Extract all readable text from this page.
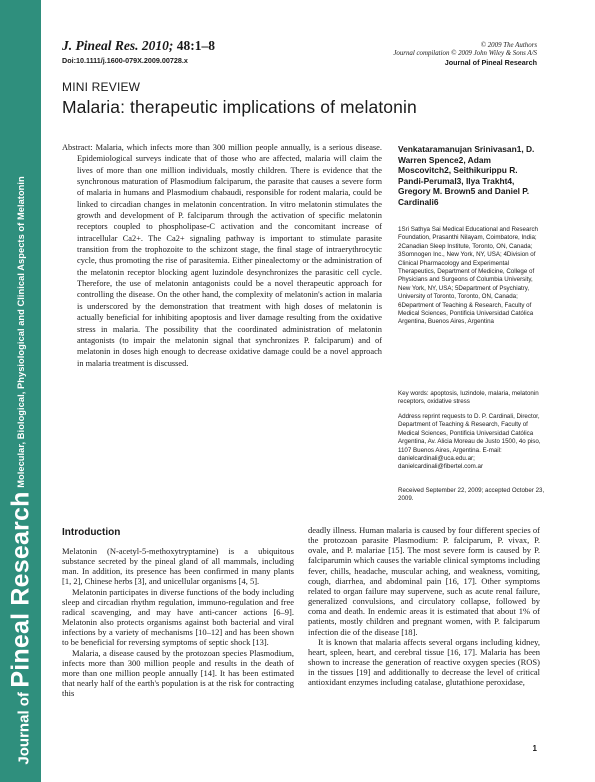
Molecular, Biological, Physiological and Clinical Aspects of Melatonin
Journal of Pineal Research
J. Pineal Res. 2010; 48:1–8
Doi:10.1111/j.1600-079X.2009.00728.x
© 2009 The Authors
Journal compilation © 2009 John Wiley & Sons A/S
Journal of Pineal Research
MINI REVIEW
Malaria: therapeutic implications of melatonin

Abstract: Malaria, which infects more than 300 million people annually, is a serious disease. Epidemiological surveys indicate that of those who are affected, malaria will claim the lives of more than one million individuals, mostly children. There is evidence that the synchronous maturation of Plasmodium falciparum, the parasite that causes a severe form of malaria in humans and Plasmodium chabaudi, responsible for rodent malaria, could be linked to circadian changes in melatonin concentration. In vitro melatonin stimulates the growth and development of P. falciparum through the activation of specific melatonin receptors coupled to phospholipase-C activation and the concomitant increase of intracellular Ca2+. The Ca2+ signaling pathway is important to stimulate parasite transition from the trophozoite to the schizont stage, the final stage of intraerythrocytic cycle, thus promoting the rise of parasitemia. Either pinealectomy or the administration of the melatonin receptor blocking agent luzindole desynchronizes the parasitic cell cycle. Therefore, the use of melatonin antagonists could be a novel therapeutic approach for controlling the disease. On the other hand, the complexity of melatonin's action in malaria is underscored by the demonstration that treatment with high doses of melatonin is actually beneficial for inhibiting apoptosis and liver damage resulting from the oxidative stress in malaria. The possibility that the coordinated administration of melatonin antagonists (to impair the melatonin signal that synchronizes P. falciparum) and of melatonin in doses high enough to decrease oxidative damage could be a novel approach in malaria treatment is discussed.

Venkataramanujan Srinivasan1, D. Warren Spence2, Adam Moscovitch2, Seithikurippu R. Pandi-Perumal3, Ilya Trakht4, Gregory M. Brown5 and Daniel P. Cardinali6

1Sri Sathya Sai Medical Educational and Research Foundation, Prasanthi Nilayam, Coimbatore, India; 2Canadian Sleep Institute, Toronto, ON, Canada; 3Somnogen Inc., New York, NY, USA; 4Division of Clinical Pharmacology and Experimental Therapeutics, Department of Medicine, College of Physicians and Surgeons of Columbia University, New York, NY, USA; 5Department of Psychiatry, University of Toronto, Toronto, ON, Canada; 6Department of Teaching & Research, Faculty of Medical Sciences, Pontificia Universidad Católica Argentina, Buenos Aires, Argentina

Key words: apoptosis, luzindole, malaria, melatonin receptors, oxidative stress

Address reprint requests to D. P. Cardinali, Director, Department of Teaching & Research, Faculty of Medical Sciences, Pontificia Universidad Católica Argentina, Av. Alicia Moreau de Justo 1500, 4o piso, 1107 Buenos Aires, Argentina. E-mail: danielcardinali@uca.edu.ar; danielcardinali@fibertel.com.ar

Received September 22, 2009; accepted October 23, 2009.

Introduction

Melatonin (N-acetyl-5-methoxytryptamine) is a ubiquitous substance secreted by the pineal gland of all mammals, including man. In addition, its presence has been confirmed in many plants [1, 2], Chinese herbs [3], and unicellular organisms [4, 5].

Melatonin participates in diverse functions of the body including sleep and circadian rhythm regulation, immuno-regulation and free radical scavenging, and may have anti-cancer actions [6–9]. Melatonin also protects organisms against both bacterial and viral infections by a variety of mechanisms [10–12] and has been shown to be beneficial for reversing symptoms of septic shock [13].

Malaria, a disease caused by the protozoan species Plasmodium, infects more than 300 million people and results in the death of more than one million people annually [14]. It has been estimated that nearly half of the earth's population is at the risk for contracting this

deadly illness. Human malaria is caused by four different species of the protozoan parasite Plasmodium: P. falciparum, P. vivax, P. ovale, and P. malariae [15]. The most severe form is caused by P. falciparumin which causes the variable clinical symptoms including fever, chills, headache, muscular aching, and weakness, vomiting, cough, diarrhea, and abdominal pain [16, 17]. Other symptoms related to organ failure may supervene, such as acute renal failure, generalized convulsions, and circulatory collapse, followed by coma and death. In endemic areas it is estimated that about 1% of patients, mostly children and pregnant women, with P. falciparum infection die of the disease [18].

It is known that malaria affects several organs including kidney, heart, spleen, heart, and cerebral tissue [16, 17]. Malaria has been shown to increase the generation of reactive oxygen species (ROS) in the tissues [19] and additionally to decrease the level of critical antioxidant enzymes including catalase, glutathione peroxidase,

1
